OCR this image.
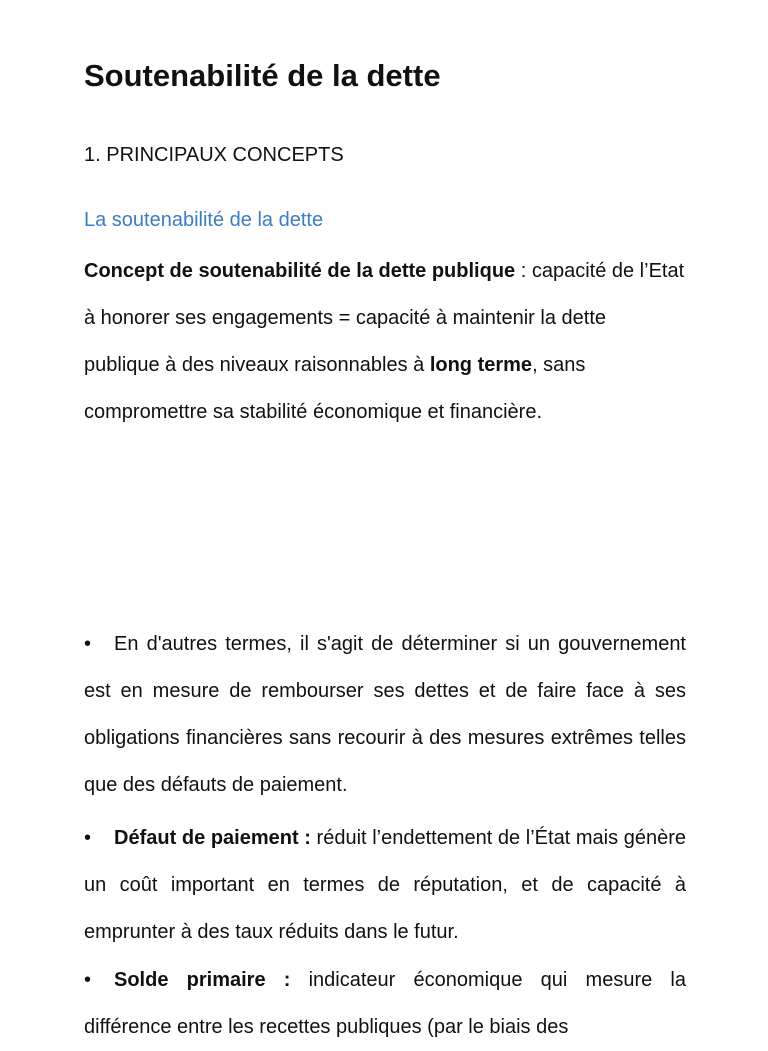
Soutenabilité de la dette
1. PRINCIPAUX CONCEPTS
La soutenabilité de la dette

Concept de soutenabilité de la dette publique : capacité de l’Etat à honorer ses engagements = capacité à maintenir la dette publique à des niveaux raisonnables à long terme, sans compromettre sa stabilité économique et financière.

• En d'autres termes, il s'agit de déterminer si un gouvernement est en mesure de rembourser ses dettes et de faire face à ses obligations financières sans recourir à des mesures extrêmes telles que des défauts de paiement.

• Défaut de paiement : réduit l’endettement de l’État mais génère un coût important en termes de réputation, et de capacité à emprunter à des taux réduits dans le futur.

• Solde primaire : indicateur économique qui mesure la différence entre les recettes publiques (par le biais des
